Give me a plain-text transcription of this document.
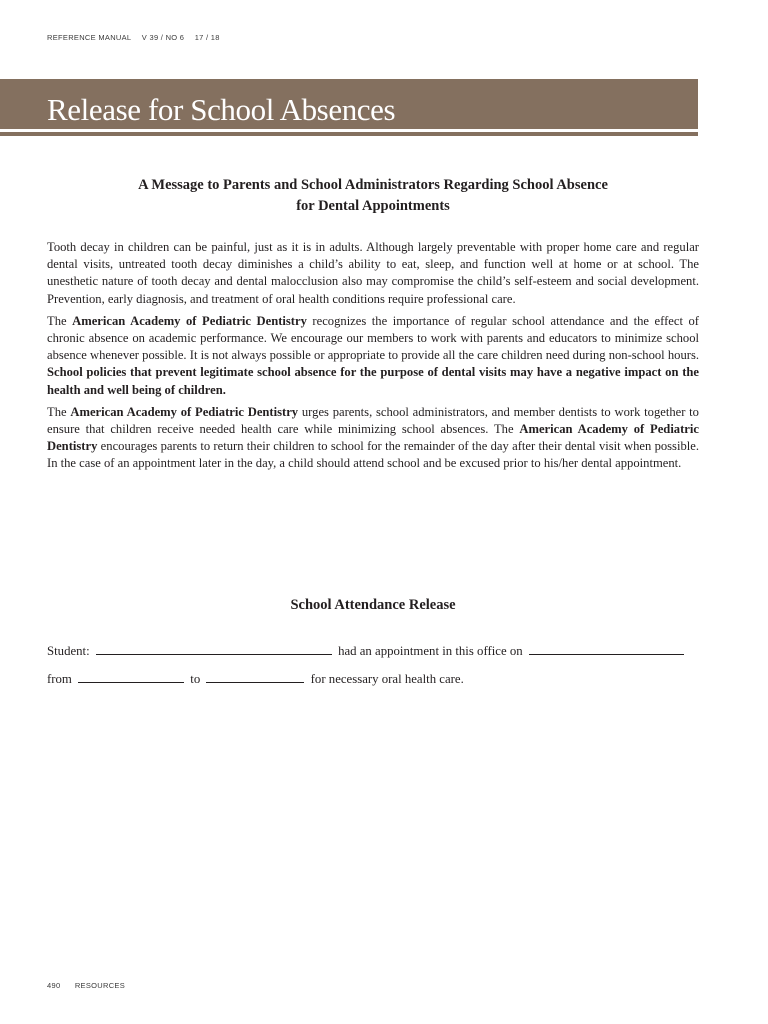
REFERENCE MANUAL V 39 / NO 6 17 / 18
Release for School Absences
A Message to Parents and School Administrators Regarding School Absence
for Dental Appointments

Tooth decay in children can be painful, just as it is in adults. Although largely preventable with proper home care and regular dental visits, untreated tooth decay diminishes a child’s ability to eat, sleep, and function well at home or at school. The unesthetic nature of tooth decay and dental malocclusion also may compromise the child’s self-esteem and social development. Prevention, early diagnosis, and treatment of oral health conditions require professional care.

The American Academy of Pediatric Dentistry recognizes the importance of regular school attendance and the effect of chronic absence on academic performance. We encourage our members to work with parents and educators to minimize school absence whenever possible. It is not always possible or appropriate to provide all the care children need during non-school hours. School policies that prevent legitimate school absence for the purpose of dental visits may have a negative impact on the health and well being of children.

The American Academy of Pediatric Dentistry urges parents, school administrators, and member dentists to work together to ensure that children receive needed health care while minimizing school absences. The American Academy of Pediatric Dentistry encourages parents to return their children to school for the remainder of the day after their dental visit when possible. In the case of an appointment later in the day, a child should attend school and be excused prior to his/her dental appointment.

School Attendance Release
Student:	had an appointment in this office on
from	to	for necessary oral health care.
490 RESOURCES
